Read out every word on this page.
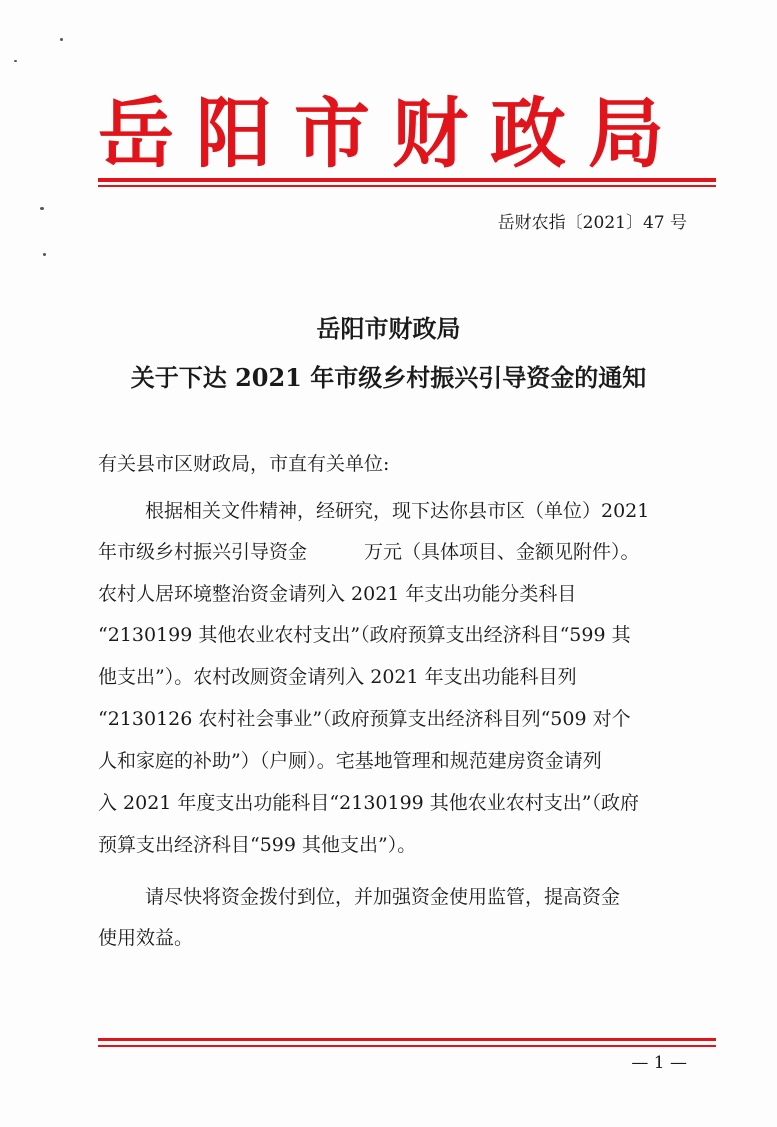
岳阳市财政局
岳财农指〔2021〕47 号
岳阳市财政局
关于下达 2021 年市级乡村振兴引导资金的通知
有关县市区财政局，市直有关单位:
根据相关文件精神，经研究，现下达你县市区（单位）2021
年市级乡村振兴引导资金　　　万元（具体项目、金额见附件）。
农村人居环境整治资金请列入 2021 年支出功能分类科目
“2130199 其他农业农村支出”（政府预算支出经济科目“599 其
他支出”）。农村改厕资金请列入 2021 年支出功能科目列
“2130126 农村社会事业”（政府预算支出经济科目列“509 对个
人和家庭的补助”）（户厕）。宅基地管理和规范建房资金请列
入 2021 年度支出功能科目“2130199 其他农业农村支出”（政府
预算支出经济科目“599 其他支出”）。
请尽快将资金拨付到位，并加强资金使用监管，提高资金
使用效益。
— 1 —
